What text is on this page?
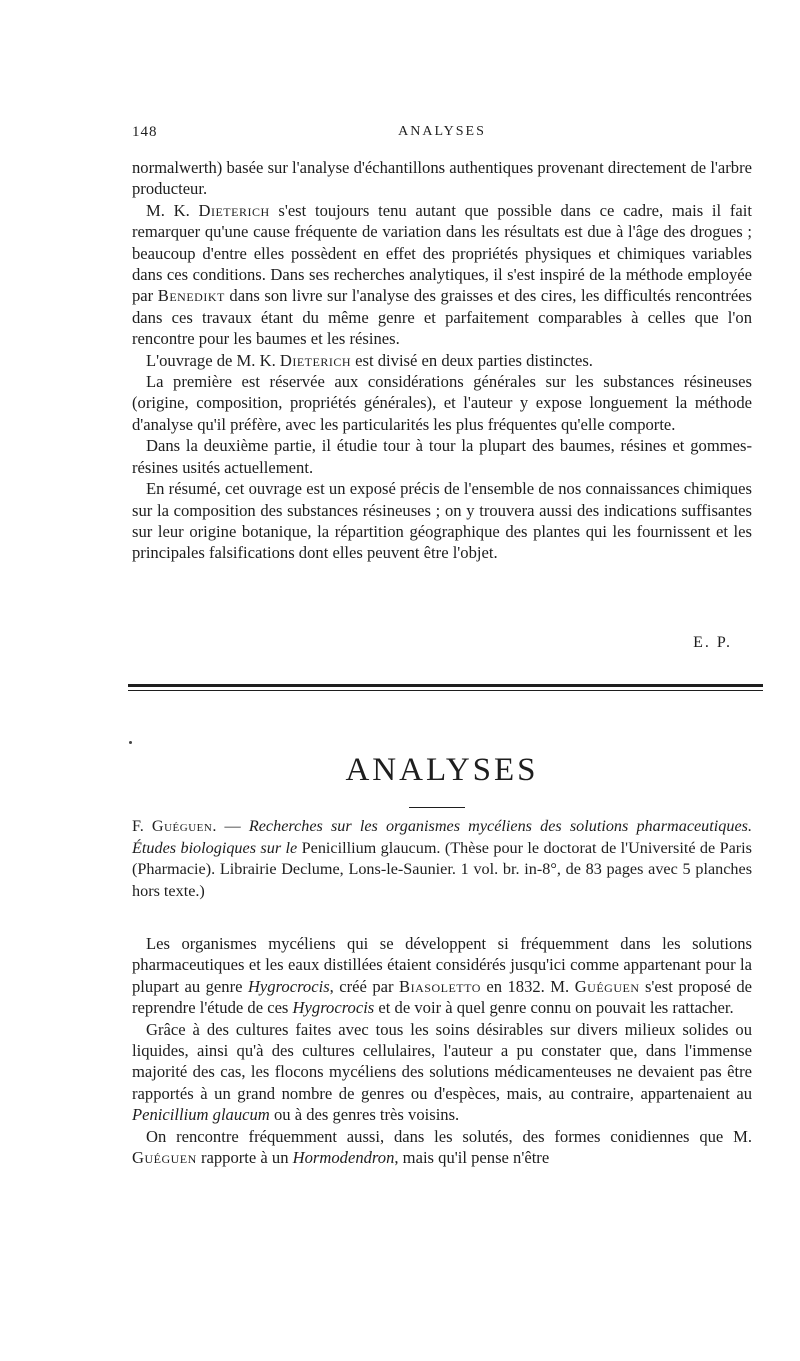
148	ANALYSES

normalwerth) basée sur l'analyse d'échantillons authentiques provenant directement de l'arbre producteur.

M. K. Dieterich s'est toujours tenu autant que possible dans ce cadre, mais il fait remarquer qu'une cause fréquente de variation dans les résultats est due à l'âge des drogues ; beaucoup d'entre elles possèdent en effet des propriétés physiques et chimiques variables dans ces conditions. Dans ses recherches analytiques, il s'est inspiré de la méthode employée par Benedikt dans son livre sur l'analyse des graisses et des cires, les difficultés rencontrées dans ces travaux étant du même genre et parfaitement comparables à celles que l'on rencontre pour les baumes et les résines.

L'ouvrage de M. K. Dieterich est divisé en deux parties distinctes.

La première est réservée aux considérations générales sur les substances résineuses (origine, composition, propriétés générales), et l'auteur y expose longuement la méthode d'analyse qu'il préfère, avec les particularités les plus fréquentes qu'elle comporte.

Dans la deuxième partie, il étudie tour à tour la plupart des baumes, résines et gommes-résines usités actuellement.

En résumé, cet ouvrage est un exposé précis de l'ensemble de nos connaissances chimiques sur la composition des substances résineuses ; on y trouvera aussi des indications suffisantes sur leur origine botanique, la répartition géographique des plantes qui les fournissent et les principales falsifications dont elles peuvent être l'objet.

E. P.
ANALYSES

F. Guéguen. — Recherches sur les organismes mycéliens des solutions pharmaceutiques. Études biologiques sur le Penicillium glaucum. (Thèse pour le doctorat de l'Université de Paris (Pharmacie). Librairie Declume, Lons-le-Saunier. 1 vol. br. in-8°, de 83 pages avec 5 planches hors texte.)

Les organismes mycéliens qui se développent si fréquemment dans les solutions pharmaceutiques et les eaux distillées étaient considérés jusqu'ici comme appartenant pour la plupart au genre Hygrocrocis, créé par Biasoletto en 1832. M. Guéguen s'est proposé de reprendre l'étude de ces Hygrocrocis et de voir à quel genre connu on pouvait les rattacher.

Grâce à des cultures faites avec tous les soins désirables sur divers milieux solides ou liquides, ainsi qu'à des cultures cellulaires, l'auteur a pu constater que, dans l'immense majorité des cas, les flocons mycéliens des solutions médicamenteuses ne devaient pas être rapportés à un grand nombre de genres ou d'espèces, mais, au contraire, appartenaient au Penicillium glaucum ou à des genres très voisins.

On rencontre fréquemment aussi, dans les solutés, des formes conidiennes que M. Guéguen rapporte à un Hormodendron, mais qu'il pense n'être
